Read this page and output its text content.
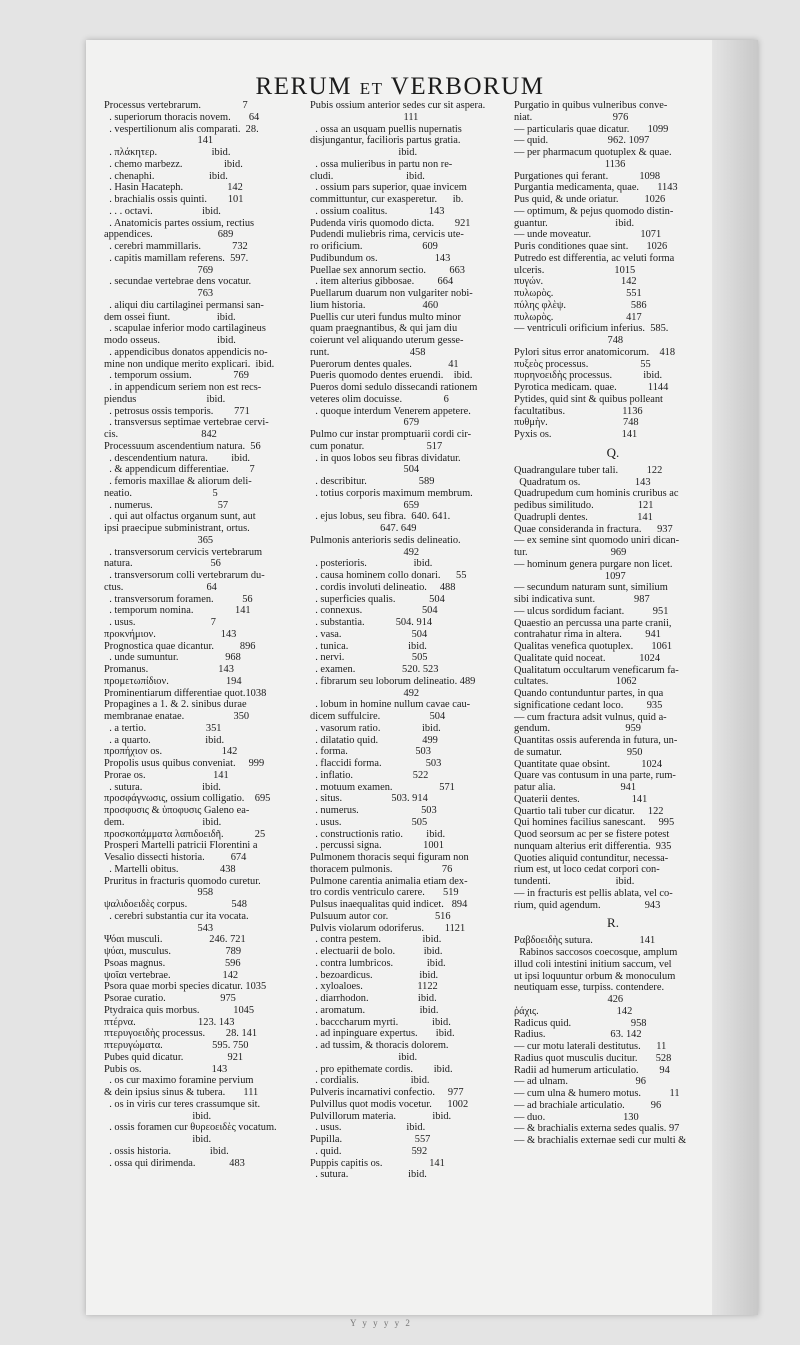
RERUM ET VERBORUM
Processus vertebrarum.                7
. superiorum thoracis novem.       64
. vespertilionum alis comparati.  28.
141
. πλάκητερ.                     ibid.
. chemo marbezz.                ibid.
. chenaphi.                     ibid.
. Hasin Hacateph.                 142
. brachialis ossis quinti.        101
. . . octavi.                   ibid.
. Anatomicis partes ossium, rectius
appendices.                         689
. cerebri mammillaris.            732
. capitis mamillam referens.  597.
769
. secundae vertebrae dens vocatur.
763
. aliqui diu cartilaginei permansi san-
dem ossei fiunt.                  ibid.
. scapulae inferior modo cartilagineus
modo osseus.                      ibid.
. appendicibus donatos appendicis no-
mine non undique merito explicari.  ibid.
. temporum ossium.                769
. in appendicum seriem non est recs-
piendus                           ibid.
. petrosus ossis temporis.        771
. transversus septimae vertebrae cervi-
cis.                                842
Processuum ascendentium natura.  56
. descendentium natura.         ibid.
. & appendicum differentiae.        7
. femoris maxillae & aliorum deli-
neatio.                               5
. numerus.                         57
. qui aut olfactus organum sunt, aut
ipsi praecipue subministrant, ortus.
365
. transversorum cervicis vertebrarum
natura.                              56
. transversorum colli vertebrarum du-
ctus.                                64
. transversorum foramen.           56
. temporum nomina.                141
. usus.                             7
προκνήμιον.                         143
Prognostica quae dicantur.          896
. unde sumuntur.                  968
Promanus.                           143
προμετωπίδιον.                      194
Prominentiarum differentiae quot.1038
Propagines a 1. & 2. sinibus durae
membranae enatae.                   350
. a tertio.                       351
. a quarto.                     ibid.
προπήχιον os.                       142
Propolis usus quibus conveniat.     999
Prorae os.                          141
. sutura.                       ibid.
προσφάγνωσις, ossium colligatio.    695
προσφυσις & ὑποφυσις Galeno ea-
dem.                              ibid.
προσκοπάμματα λαπιδοειδῆ.            25
Prosperi Martelli patricii Florentini a
Vesalio dissecti historia.          674
. Martelli obitus.                438
Pruritus in fracturis quomodo curetur.
958
ψαλιδοειδὲς corpus.                 548
. cerebri substantia cur ita vocata.
543
Ψόαι musculi.                  246. 721
ψύαι, musculus.                     789
Psoas magnus.                       596
ψοῖαι vertebrae.                    142
Psora quae morbi species dicatur. 1035
Psorae curatio.                     975
Ptydraica quis morbus.             1045
πτέρνα.                        123. 143
πτερυγοειδὴς processus.        28. 141
πτερυγώματα.                   595. 750
Pubes quid dicatur.                 921
Pubis os.                           143
. os cur maximo foramine pervium
& dein ipsius sinus & tubera.       111
. os in viris cur teres crassumque sit.
ibid.
. ossis foramen cur θυρεοειδὲς vocatum.
ibid.
. ossis historia.               ibid.
. ossa qui dirimenda.             483
Pubis ossium anterior sedes cur sit aspera.
111
. ossa an usquam puellis nupernatis
disjungantur, facilioris partus gratia.
ibid.
. ossa mulieribus in partu non re-
cludi.                            ibid.
. ossium pars superior, quae invicem
committuntur, cur exasperetur.      ib.
. ossium coalitus.                143
Pudenda viris quomodo dicta.        921
Pudendi muliebris rima, cervicis ute-
ro orificium.                       609
Pudibundum os.                      143
Puellae sex annorum sectio.         663
. item alterius gibbosae.         664
Puellarum duarum non vulgariter nobi-
lium historia.                      460
Puellis cur uteri fundus multo minor
quam praegnantibus, & qui jam diu
coierunt vel aliquando uterum gesse-
runt.                               458
Puerorum dentes quales.              41
Pueris quomodo dentes eruendi.    ibid.
Pueros domi sedulo dissecandi rationem
veteres olim docuisse.                6
. quoque interdum Venerem appetere.
679
Pulmo cur instar promptuarii cordi cir-
cum ponatur.                        517
. in quos lobos seu fibras dividatur.
504
. describitur.                    589
. totius corporis maximum membrum.
659
. ejus lobus, seu fibra.  640. 641.
647. 649
Pulmonis anterioris sedis delineatio.
492
. posterioris.                  ibid.
. causa hominem collo donari.      55
. cordis involuti delineatio.     488
. superficies qualis.             504
. connexus.                       504
. substantia.            504. 914
. vasa.                           504
. tunica.                       ibid.
. nervi.                          505
. examen.                  520. 523
. fibrarum seu loborum delineatio. 489
492
. lobum in homine nullum cavae cau-
dicem suffulcire.                   504
. vasorum ratio.                ibid.
. dilatatio quid.                 499
. forma.                          503
. flaccidi forma.                 503
. inflatio.                       522
. motuum examen.                  571
. situs.                   503. 914
. numerus.                        503
. usus.                           505
. constructionis ratio.         ibid.
. percussi signa.                1001
Pulmonem thoracis sequi figuram non
thoracem pulmonis.                   76
Pulmone carentia animalia etiam dex-
tro cordis ventriculo carere.       519
Pulsus inaequalitas quid indicet.   894
Pulsuum autor cor.                  516
Pulvis violarum odoriferus.        1121
. contra pestem.                ibid.
. electuarii de bolo.           ibid.
. contra lumbricos.             ibid.
. bezoardicus.                  ibid.
. xyloaloes.                     1122
. diarrhodon.                   ibid.
. aromatum.                     ibid.
. bacccharum myrti.             ibid.
. ad inpinguare expertus.       ibid.
. ad tussim, & thoracis dolorem.
ibid.
. pro epithemate cordis.        ibid.
. cordialis.                    ibid.
Pulveris incarnativi confectio.     977
Pulvillus quot modis vocetur.      1002
Pulvillorum materia.              ibid.
. usus.                         ibid.
Pupilla.                            557
. quid.                           592
Puppis capitis os.                  141
. sutura.                       ibid.
Purgatio in quibus vulneribus conve-
niat.                               976
— particularis quae dicatur.       1099
— quid.                       962. 1097
— per pharmacum quotuplex & quae.
1136
Purgationes qui ferant.            1098
Purgantia medicamenta, quae.       1143
Pus quid, & unde oriatur.          1026
— optimum, & pejus quomodo distin-
guantur.                          ibid.
— unde moveatur.                   1071
Puris conditiones quae sint.       1026
Putredo est differentia, ac veluti forma
ulceris.                           1015
πυγών.                              142
πυλωρὸς.                            551
πύλης φλὲψ.                         586
πυλωρὸς.                            417
— ventriculi orificium inferius.  585.
748
Pylori situs error anatomicorum.    418
πυξεὸς processus.                    55
πυρηνοειδὴς processus.            ibid.
Pyrotica medicam. quae.            1144
Pytides, quid sint & quibus polleant
facultatibus.                      1136
πυθμὴν.                             748
Pyxis os.                           141
Q.
Quadrangulare tuber tali.           122
Quadratum os.                     143
Quadrupedum cum hominis cruribus ac
pedibus similitudo.                 121
Quadrupli dentes.                   141
Quae consideranda in fractura.      937
— ex semine sint quomodo uniri dican-
tur.                                969
— hominum genera purgare non licet.
1097
— secundum naturam sunt, similium
sibi indicativa sunt.               987
— ulcus sordidum faciant.           951
Quaestio an percussa una parte cranii,
contrahatur rima in altera.         941
Qualitas venefica quotuplex.       1061
Qualitate quid noceat.             1024
Qualitatum occultarum veneficarum fa-
cultates.                          1062
Quando contunduntur partes, in qua
significatione cedant loco.         935
— cum fractura adsit vulnus, quid a-
gendum.                             959
Quantitas ossis auferenda in futura, un-
de sumatur.                         950
Quantitate quae obsint.            1024
Quare vas contusum in una parte, rum-
patur alia.                         941
Quaterii dentes.                    141
Quartio tali tuber cur dicatur.     122
Qui homines facilius sanescant.     995
Quod seorsum ac per se fistere potest
nunquam alterius erit differentia.  935
Quoties aliquid contunditur, necessa-
rium est, ut loco cedat corpori con-
tundenti.                         ibid.
— in fracturis est pellis ablata, vel co-
rium, quid agendum.                 943
R.
Ραβδοειδὴς sutura.                  141
Rabinos saccosos coecosque, amplum
illud coli intestini initium saccum, vel
ut ipsi loquuntur orbum & monoculum
neutiquam esse, turpiss. contendere.
426
ῥάχις.                              142
Radicus quid.                       958
Radius.                         63. 142
— cur motu laterali destitutus.      11
Radius quot musculis ducitur.       528
Radii ad humerum articulatio.        94
— ad ulnam.                          96
— cum ulna & humero motus.           11
— ad brachiale articulatio.          96
— duo.                              130
— & brachialis externa sedes qualis. 97
— & brachialis externae sedi cur multi &
Y y y y y 2
